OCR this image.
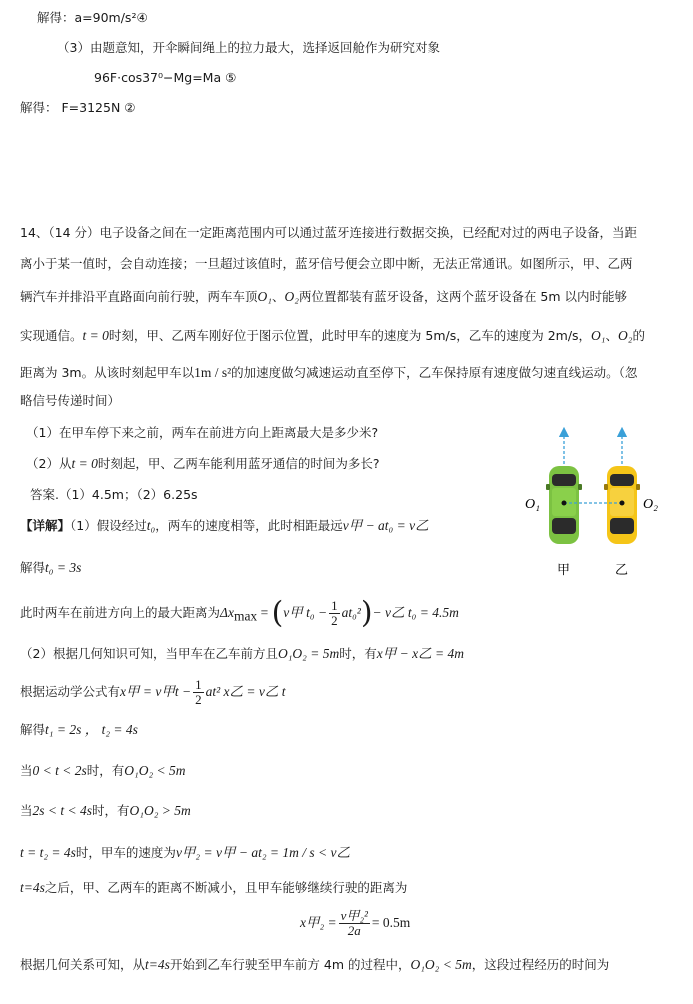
解得：a=90m/s²④
（3）由题意知，开伞瞬间绳上的拉力最大，选择返回舱作为研究对象
96F·cos37⁰−Mg=Ma ⑤
解得： F=3125N ②
14、（14 分）电子设备之间在一定距离范围内可以通过蓝牙连接进行数据交换，已经配对过的两电子设备，当距
离小于某一值时，会自动连接；一旦超过该值时，蓝牙信号便会立即中断，无法正常通讯。如图所示，甲、乙两
辆汽车并排沿平直路面向前行驶，两车车顶O₁、O₂两位置都装有蓝牙设备，这两个蓝牙设备在 5m 以内时能够
实现通信。t = 0时刻，甲、乙两车刚好位于图示位置，此时甲车的速度为 5m/s，乙车的速度为 2m/s，O₁、O₂的
距离为 3m。从该时刻起甲车以1m / s²的加速度做匀减速运动直至停下，乙车保持原有速度做匀速直线运动。（忽
略信号传递时间）
（1）在甲车停下来之前，两车在前进方向上距离最大是多少米?
（2）从t = 0时刻起，甲、乙两车能利用蓝牙通信的时间为多长?
答案.（1）4.5m；（2）6.25s
【详解】（1）假设经过t₀，两车的速度相等，此时相距最远v甲 − at₀ = v乙
解得t₀ = 3s
此时两车在前进方向上的最大距离为$\Delta x_{max} = (v$甲 $t_0 - \frac{1}{2} at_0^2)- v$乙 t₀ = 4.5m
（2）根据几何知识可知，当甲车在乙车前方且O₁O₂ = 5m时，有x甲 − x乙 = 4m
根据运动学公式有x甲 = v甲$t - \frac{1}{2} at^2$ x乙 = v乙 t
解得t₁ = 2s ， t₂ = 4s
当0 < t < 2s时，有O₁O₂ < 5m
当2s < t < 4s时，有O₁O₂ > 5m
t = t₂ = 4s时，甲车的速度为v甲₂ = v甲 − at₂ = 1m / s < v乙
t=4s之后，甲、乙两车的距离不断减小，且甲车能够继续行驶的距离为
x甲$_2 = \frac{\text{v甲₂²}}{2a} = 0.5m$
根据几何关系可知，从t=4s开始到乙车行驶至甲车前方 4m 的过程中，O₁O₂ < 5m，这段过程经历的时间为
O₁	O₂
甲	乙
